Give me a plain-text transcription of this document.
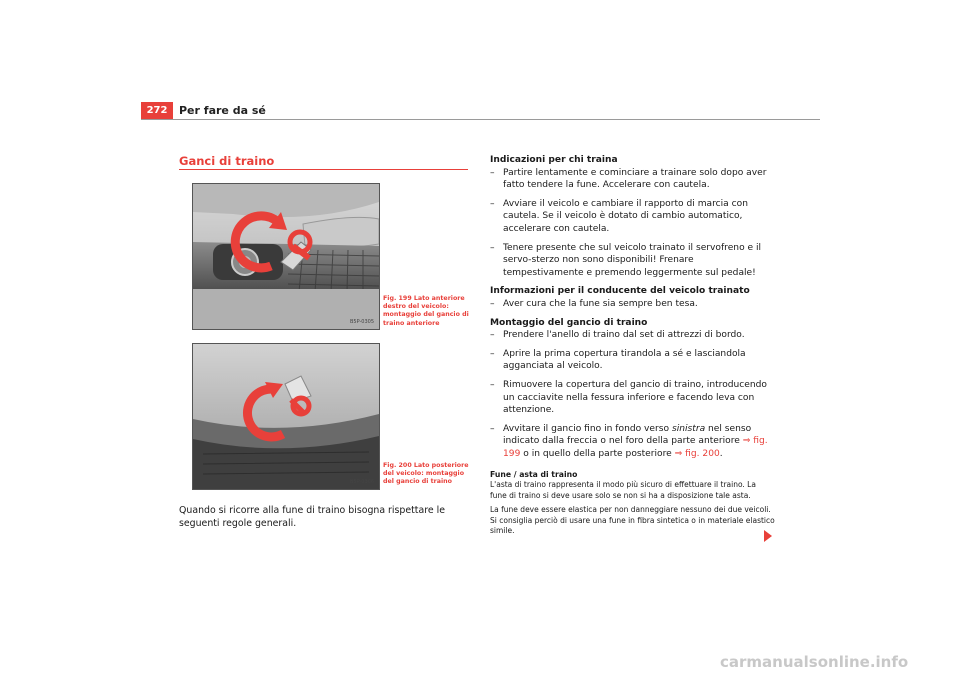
272	Per fare da sé
Ganci di traino
B5P-0305
Fig. 199 Lato anteriore destro del veicolo: montaggio del gancio di traino anteriore
B5P-0306
Fig. 200 Lato posteriore del veicolo: montaggio del gancio di traino
Quando si ricorre alla fune di traino bisogna rispettare le seguenti regole generali.
Indicazioni per chi traina
– Partire lentamente e cominciare a trainare solo dopo aver fatto tendere la fune. Accelerare con cautela.
– Avviare il veicolo e cambiare il rapporto di marcia con cautela. Se il veicolo è dotato di cambio automatico, accelerare con cautela.
– Tenere presente che sul veicolo trainato il servofreno e il servo-sterzo non sono disponibili! Frenare tempestivamente e premendo leggermente sul pedale!
Informazioni per il conducente del veicolo trainato
– Aver cura che la fune sia sempre ben tesa.
Montaggio del gancio di traino
– Prendere l'anello di traino dal set di attrezzi di bordo.
– Aprire la prima copertura tirandola a sé e lasciandola agganciata al veicolo.
– Rimuovere la copertura del gancio di traino, introducendo un cacciavite nella fessura inferiore e facendo leva con attenzione.
– Avvitare il gancio fino in fondo verso sinistra nel senso indicato dalla freccia o nel foro della parte anteriore ⇒ fig. 199 o in quello della parte posteriore ⇒ fig. 200.
Fune / asta di traino
L'asta di traino rappresenta il modo più sicuro di effettuare il traino. La fune di traino si deve usare solo se non si ha a disposizione tale asta.
La fune deve essere elastica per non danneggiare nessuno dei due veicoli. Si consiglia perciò di usare una fune in fibra sintetica o in materiale elastico simile.
carmanualsonline.info
